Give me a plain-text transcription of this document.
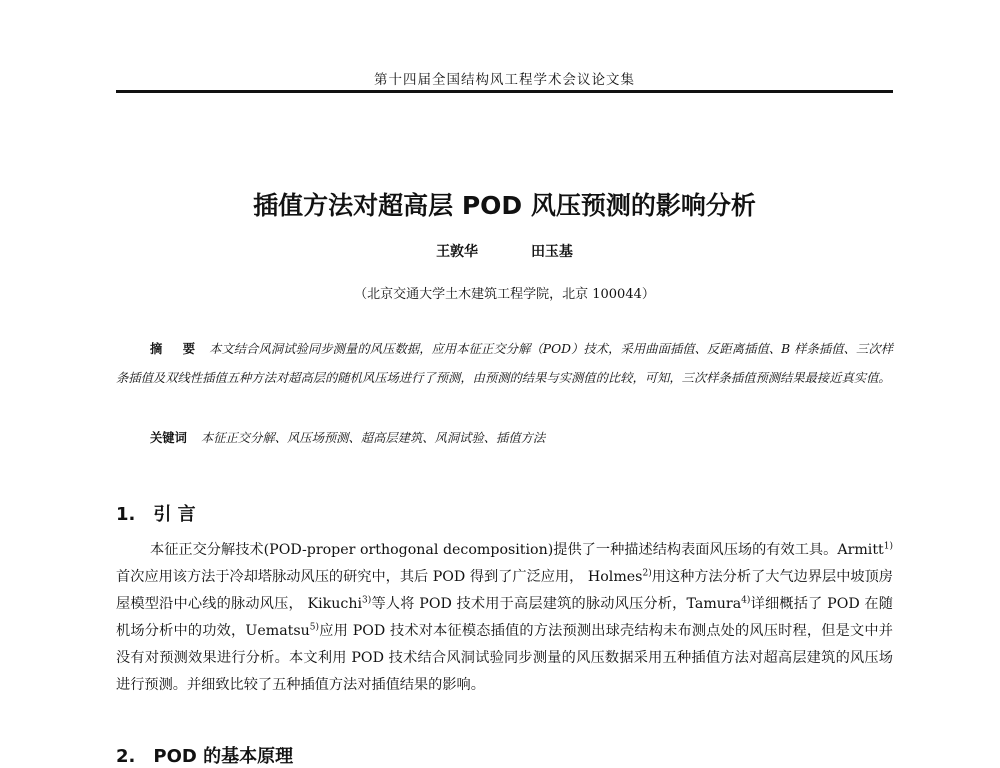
第十四届全国结构风工程学术会议论文集
插值方法对超高层 POD 风压预测的影响分析
王敦华	田玉基
（北京交通大学土木建筑工程学院，北京 100044）

摘 要 本文结合风洞试验同步测量的风压数据，应用本征正交分解（POD）技术，采用曲面插值、反距离插值、B 样条插值、三次样条插值及双线性插值五种方法对超高层的随机风压场进行了预测，由预测的结果与实测值的比较，可知，三次样条插值预测结果最接近真实值。

关键词 本征正交分解、风压场预测、超高层建筑、风洞试验、插值方法

1. 引 言

本征正交分解技术(POD-proper orthogonal decomposition)提供了一种描述结构表面风压场的有效工具。Armitt$^{1)}$首次应用该方法于冷却塔脉动风压的研究中，其后 POD 得到了广泛应用， Holmes$^{2)}$用这种方法分析了大气边界层中坡顶房屋模型沿中心线的脉动风压， Kikuchi$^{3)}$等人将 POD 技术用于高层建筑的脉动风压分析，Tamura$^{4)}$详细概括了 POD 在随机场分析中的功效，Uematsu$^{5)}$应用 POD 技术对本征模态插值的方法预测出球壳结构未布测点处的风压时程，但是文中并没有对预测效果进行分析。本文利用 POD 技术结合风洞试验同步测量的风压数据采用五种插值方法对超高层建筑的风压场进行预测。并细致比较了五种插值方法对插值结果的影响。

2. POD 的基本原理
